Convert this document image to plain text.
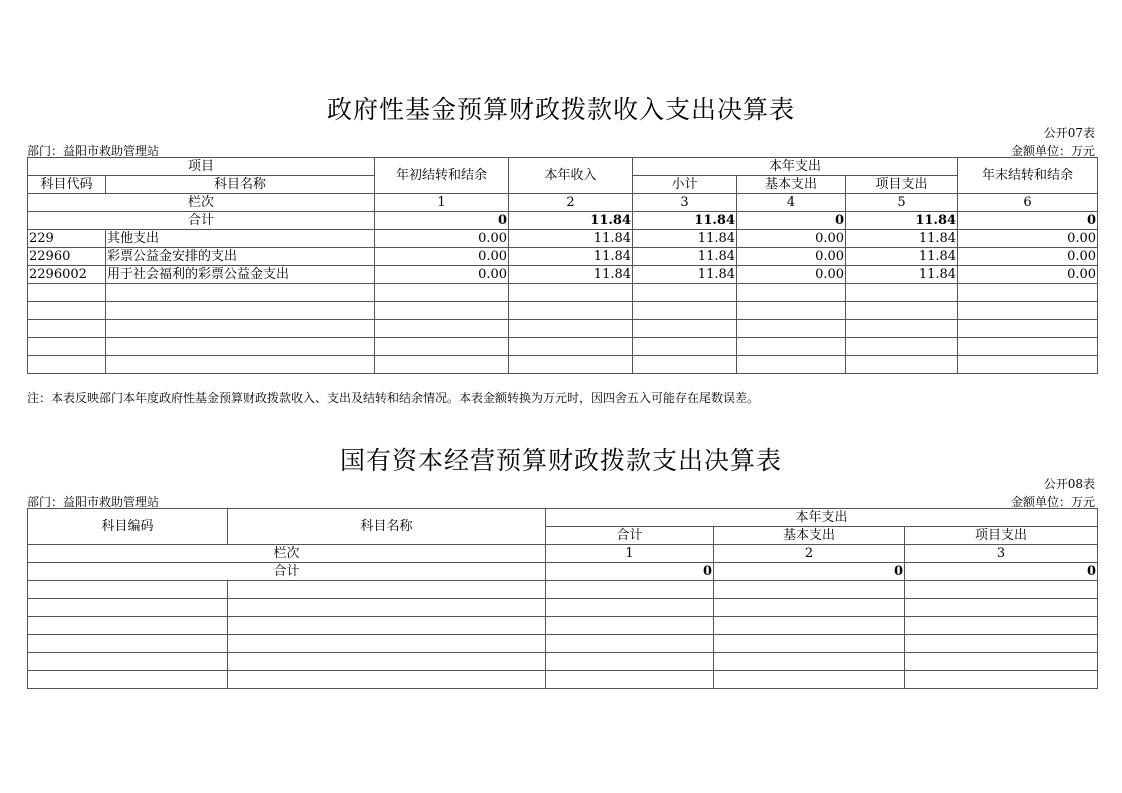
政府性基金预算财政拨款收入支出决算表
公开07表
部门：益阳市救助管理站	金额单位：万元
项目		年初结转和结余	本年收入	本年支出			年末结转和结余
科目代码	科目名称			小计	基本支出	项目支出	
栏次		1	2	3	4	5	6
合计		0	11.84	11.84	0	11.84	0
229	其他支出	0.00	11.84	11.84	0.00	11.84	0.00
22960	彩票公益金安排的支出	0.00	11.84	11.84	0.00	11.84	0.00
2296002	用于社会福利的彩票公益金支出	0.00	11.84	11.84	0.00	11.84	0.00

注：本表反映部门本年度政府性基金预算财政拨款收入、支出及结转和结余情况。本表金额转换为万元时，因四舍五入可能存在尾数误差。
国有资本经营预算财政拨款支出决算表
公开08表
部门：益阳市救助管理站	金额单位：万元
科目编码	科目名称	本年支出		
		合计	基本支出	项目支出
栏次		1	2	3
合计		0	0	0
